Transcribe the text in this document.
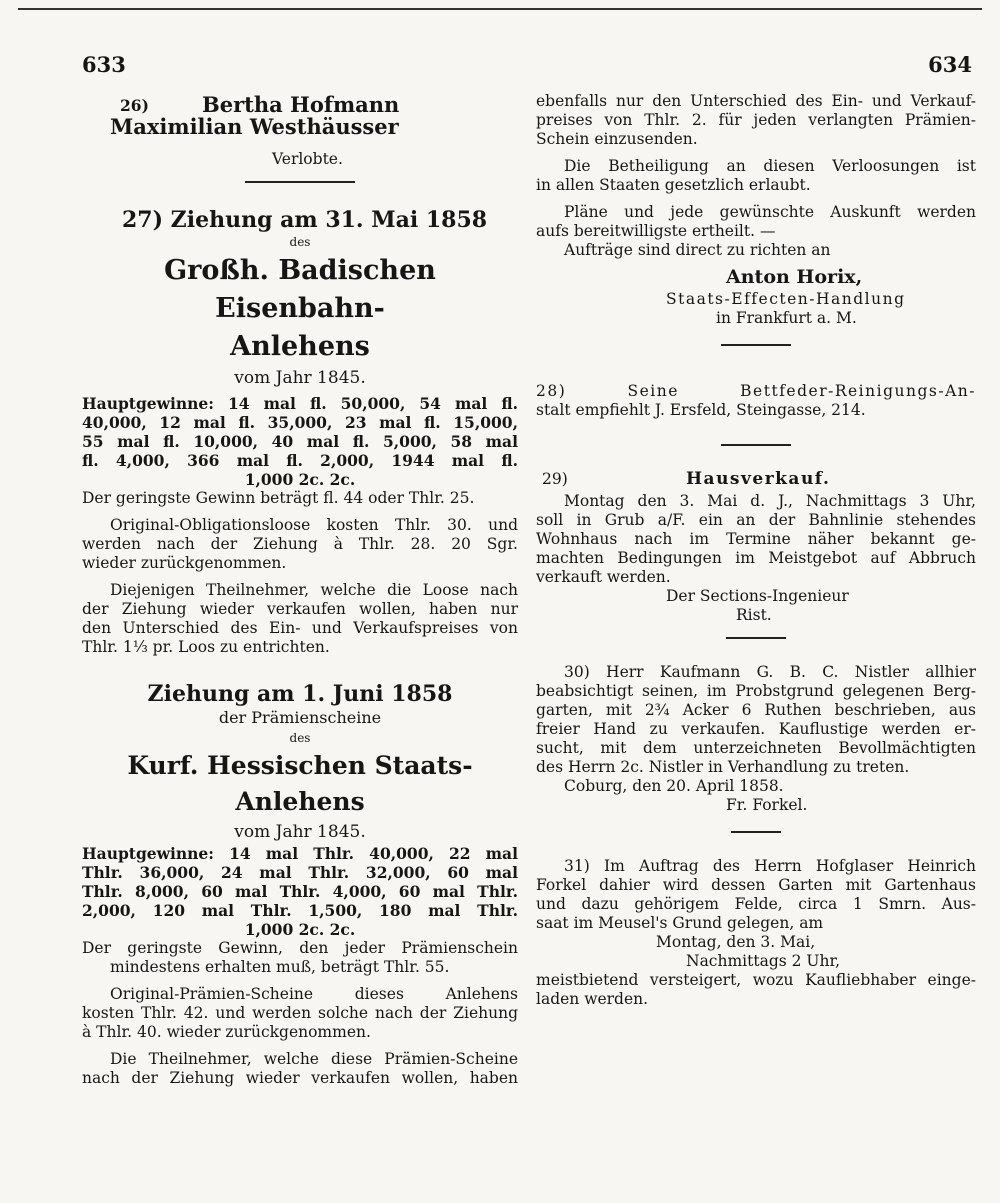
633	634
26)	Bertha Hofmann
Maximilian Westhäusser
Verlobte.
27) Ziehung am 31. Mai 1858
des
Großh. Badischen Eisenbahn-
Anlehens
vom Jahr 1845.
Hauptgewinne: 14 mal fl. 50,000, 54 mal fl.
40,000, 12 mal fl. 35,000, 23 mal fl. 15,000,
55 mal fl. 10,000, 40 mal fl. 5,000, 58 mal
fl. 4,000, 366 mal fl. 2,000, 1944 mal fl.
1,000 2c. 2c.
Der geringste Gewinn beträgt fl. 44 oder Thlr. 25.
Original-Obligationsloose kosten Thlr. 30. und
werden nach der Ziehung à Thlr. 28. 20 Sgr.
wieder zurückgenommen.
Diejenigen Theilnehmer, welche die Loose nach
der Ziehung wieder verkaufen wollen, haben nur
den Unterschied des Ein- und Verkaufspreises von
Thlr. 1⅓ pr. Loos zu entrichten.
Ziehung am 1. Juni 1858
der Prämienscheine
des
Kurf. Hessischen Staats-Anlehens
vom Jahr 1845.
Hauptgewinne: 14 mal Thlr. 40,000, 22 mal
Thlr. 36,000, 24 mal Thlr. 32,000, 60 mal
Thlr. 8,000, 60 mal Thlr. 4,000, 60 mal Thlr.
2,000, 120 mal Thlr. 1,500, 180 mal Thlr.
1,000 2c. 2c.
Der geringste Gewinn, den jeder Prämienschein
mindestens erhalten muß, beträgt Thlr. 55.
Original-Prämien-Scheine dieses Anlehens
kosten Thlr. 42. und werden solche nach der Ziehung
à Thlr. 40. wieder zurückgenommen.
Die Theilnehmer, welche diese Prämien-Scheine
nach der Ziehung wieder verkaufen wollen, haben
ebenfalls nur den Unterschied des Ein- und Verkauf-
preises von Thlr. 2. für jeden verlangten Prämien-
Schein einzusenden.
Die Betheiligung an diesen Verloosungen ist
in allen Staaten gesetzlich erlaubt.
Pläne und jede gewünschte Auskunft werden
aufs bereitwilligste ertheilt. —
Aufträge sind direct zu richten an
Anton Horix,
Staats-Effecten-Handlung
in Frankfurt a. M.
28) Seine Bettfeder-Reinigungs-An-
stalt empfiehlt J. Ersfeld, Steingasse, 214.
29)	Hausverkauf.
Montag den 3. Mai d. J., Nachmittags 3 Uhr,
soll in Grub a/F. ein an der Bahnlinie stehendes
Wohnhaus nach im Termine näher bekannt ge-
machten Bedingungen im Meistgebot auf Abbruch
verkauft werden.
Der Sections-Ingenieur
Rist.
30) Herr Kaufmann G. B. C. Nistler allhier
beabsichtigt seinen, im Probstgrund gelegenen Berg-
garten, mit 2¾ Acker 6 Ruthen beschrieben, aus
freier Hand zu verkaufen. Kauflustige werden er-
sucht, mit dem unterzeichneten Bevollmächtigten
des Herrn 2c. Nistler in Verhandlung zu treten.
Coburg, den 20. April 1858.
Fr. Forkel.
31) Im Auftrag des Herrn Hofglaser Heinrich
Forkel dahier wird dessen Garten mit Gartenhaus
und dazu gehörigem Felde, circa 1 Smrn. Aus-
saat im Meusel's Grund gelegen, am
Montag, den 3. Mai,
Nachmittags 2 Uhr,
meistbietend versteigert, wozu Kaufliebhaber einge-
laden werden.
